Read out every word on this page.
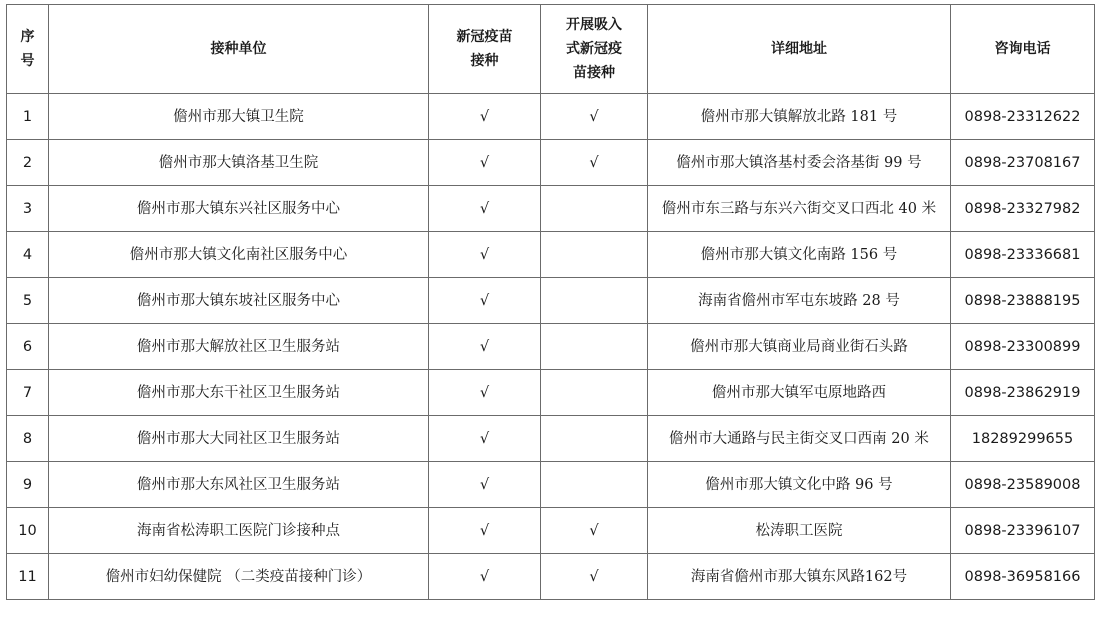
序号	接种单位	新冠疫苗接种	开展吸入式新冠疫苗接种	详细地址	咨询电话
1	儋州市那大镇卫生院	√	√	儋州市那大镇解放北路 181 号	0898-23312622
2	儋州市那大镇洛基卫生院	√	√	儋州市那大镇洛基村委会洛基街 99 号	0898-23708167
3	儋州市那大镇东兴社区服务中心	√		儋州市东三路与东兴六街交叉口西北 40 米	0898-23327982
4	儋州市那大镇文化南社区服务中心	√		儋州市那大镇文化南路 156 号	0898-23336681
5	儋州市那大镇东坡社区服务中心	√		海南省儋州市军屯东坡路 28 号	0898-23888195
6	儋州市那大解放社区卫生服务站	√		儋州市那大镇商业局商业街石头路	0898-23300899
7	儋州市那大东干社区卫生服务站	√		儋州市那大镇军屯原地路西	0898-23862919
8	儋州市那大大同社区卫生服务站	√		儋州市大通路与民主街交叉口西南 20 米	18289299655
9	儋州市那大东风社区卫生服务站	√		儋州市那大镇文化中路 96 号	0898-23589008
10	海南省松涛职工医院门诊接种点	√	√	松涛职工医院	0898-23396107
11	儋州市妇幼保健院 （二类疫苗接种门诊）	√	√	海南省儋州市那大镇东风路162号	0898-36958166
